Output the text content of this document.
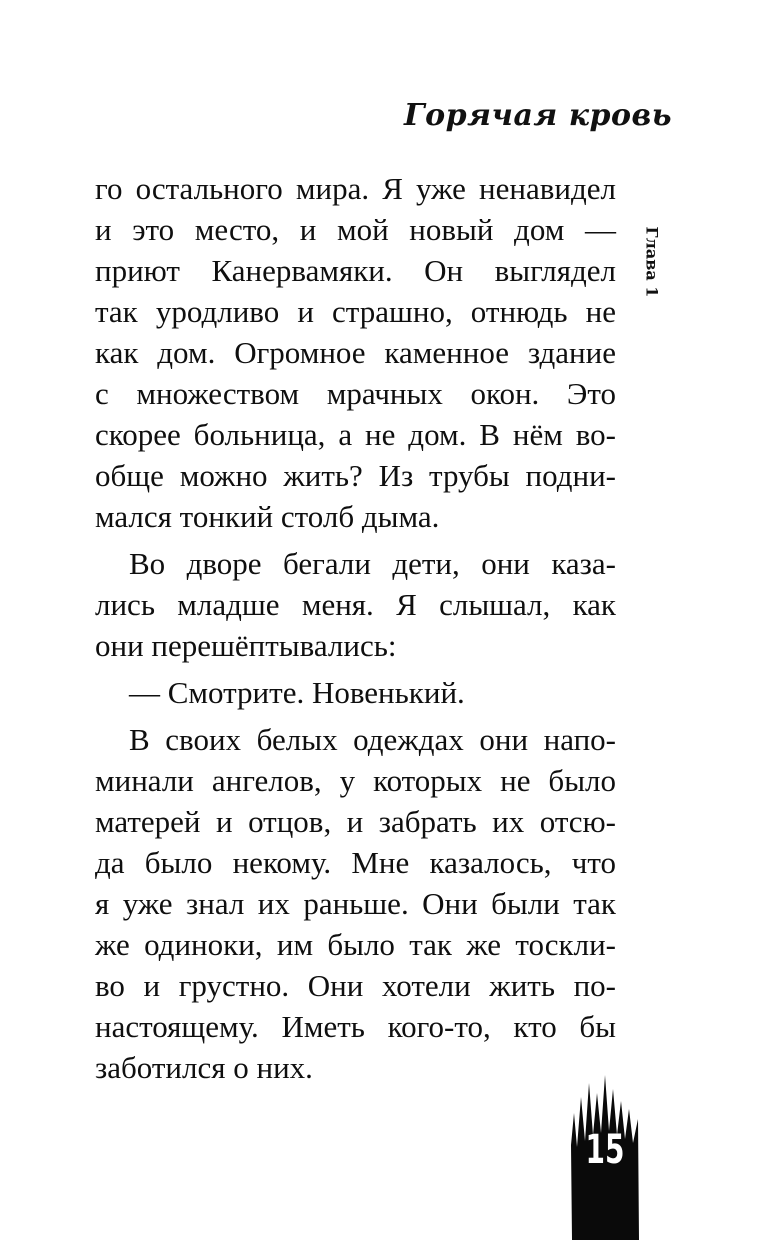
Горячая кровь
Глава 1
го остального мира. Я уже ненавидел
и это место, и мой новый дом —
приют Канервамяки. Он выглядел
так уродливо и страшно, отнюдь не
как дом. Огромное каменное здание
с множеством мрачных окон. Это
скорее больница, а не дом. В нём во-
обще можно жить? Из трубы подни-
мался тонкий столб дыма.
Во дворе бегали дети, они каза-
лись младше меня. Я слышал, как
они перешёптывались:
— Смотрите. Новенький.
В своих белых одеждах они напо-
минали ангелов, у которых не было
матерей и отцов, и забрать их отсю-
да было некому. Мне казалось, что
я уже знал их раньше. Они были так
же одиноки, им было так же тоскли-
во и грустно. Они хотели жить по-
настоящему. Иметь кого-то, кто бы
заботился о них.
15
